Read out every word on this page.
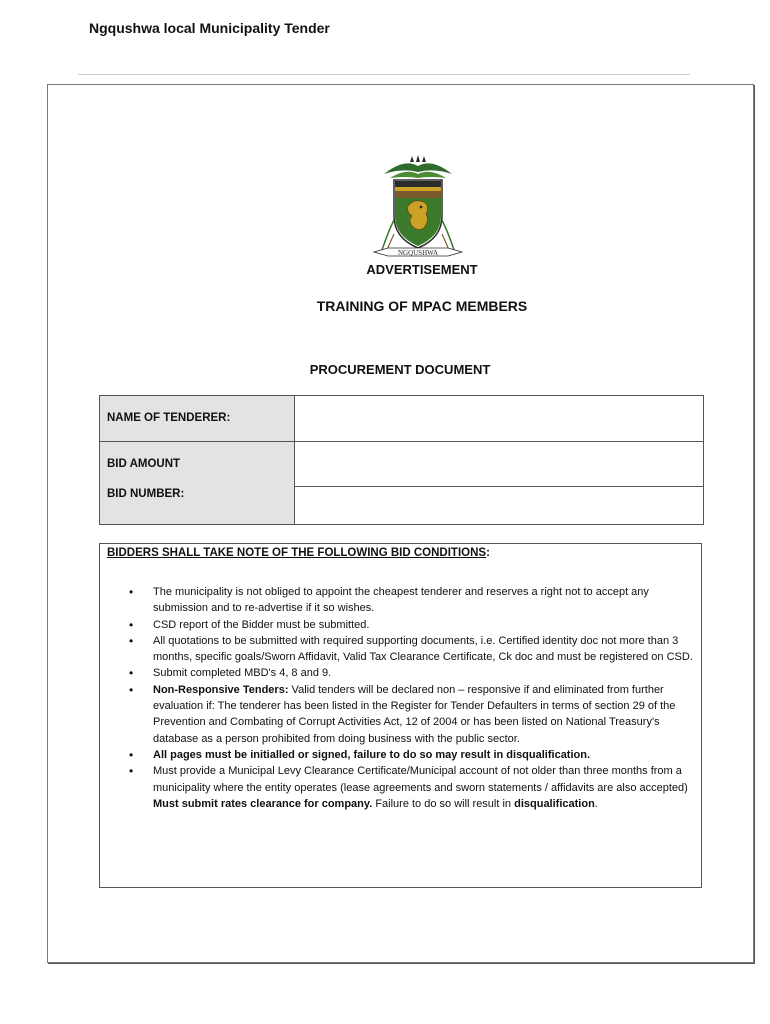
Ngqushwa local Municipality Tender
NGQUSHWA
ADVERTISEMENT
TRAINING OF MPAC MEMBERS
PROCUREMENT DOCUMENT
NAME OF TENDERER:
BID AMOUNT
BID NUMBER:
BIDDERS SHALL TAKE NOTE OF THE FOLLOWING BID CONDITIONS:
• The municipality is not obliged to appoint the cheapest tenderer and reserves a right not to accept any submission and to re-advertise if it so wishes.
• CSD report of the Bidder must be submitted.
• All quotations to be submitted with required supporting documents, i.e. Certified identity doc not more than 3 months, specific goals/Sworn Affidavit, Valid Tax Clearance Certificate, Ck doc and must be registered on CSD.
• Submit completed MBD's 4, 8 and 9.
• Non-Responsive Tenders: Valid tenders will be declared non – responsive if and eliminated from further evaluation if: The tenderer has been listed in the Register for Tender Defaulters in terms of section 29 of the Prevention and Combating of Corrupt Activities Act, 12 of 2004 or has been listed on National Treasury's database as a person prohibited from doing business with the public sector.
• All pages must be initialled or signed, failure to do so may result in disqualification.
• Must provide a Municipal Levy Clearance Certificate/Municipal account of not older than three months from a municipality where the entity operates (lease agreements and sworn statements / affidavits are also accepted) Must submit rates clearance for company. Failure to do so will result in disqualification.
